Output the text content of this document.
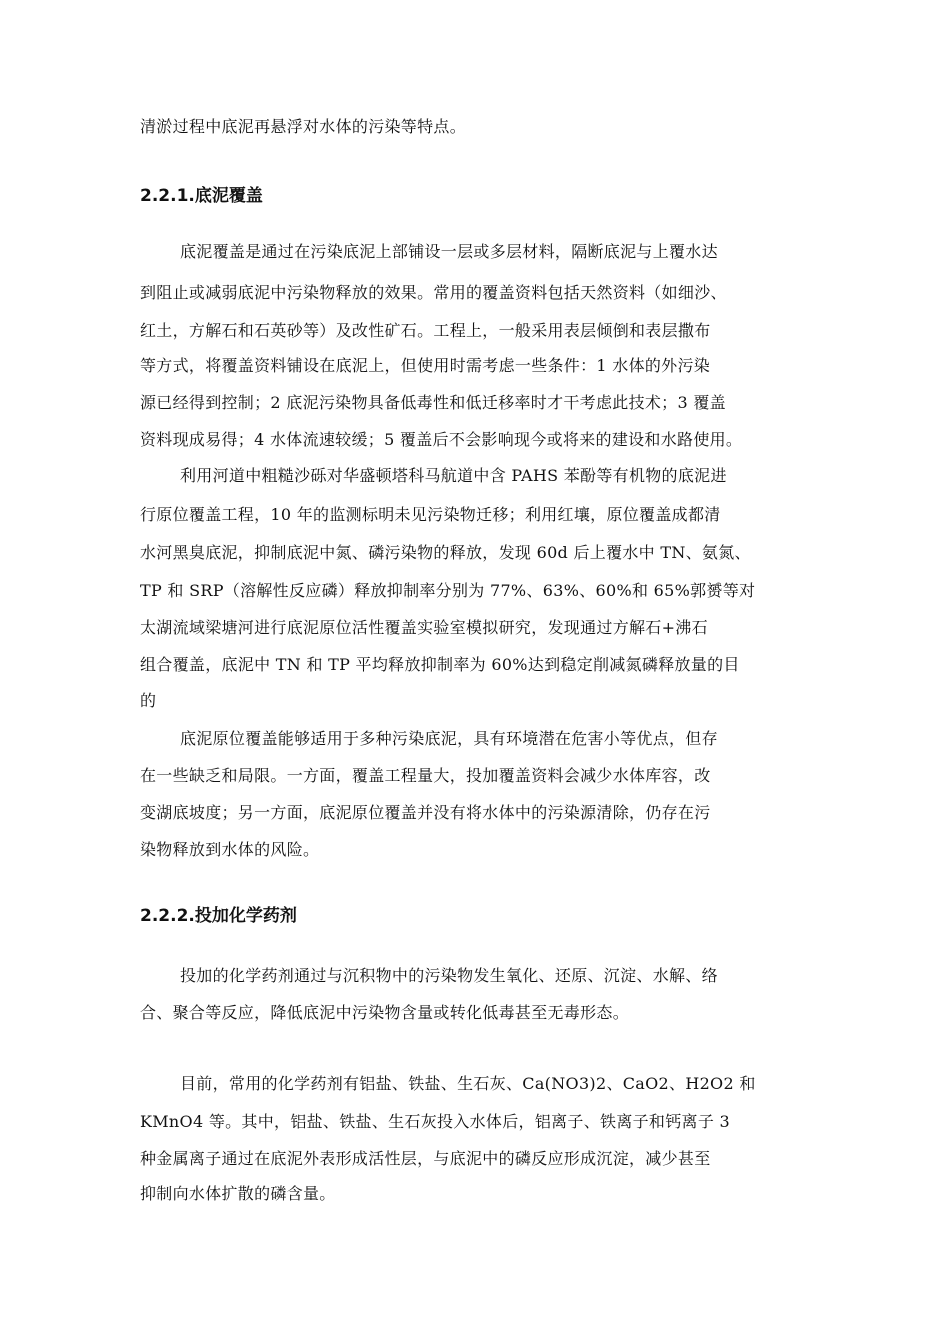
清淤过程中底泥再悬浮对水体的污染等特点。
2.2.1.底泥覆盖
底泥覆盖是通过在污染底泥上部铺设一层或多层材料，隔断底泥与上覆水达
到阻止或减弱底泥中污染物释放的效果。常用的覆盖资料包括天然资料（如细沙、
红土，方解石和石英砂等）及改性矿石。工程上，一般采用表层倾倒和表层撒布
等方式，将覆盖资料铺设在底泥上，但使用时需考虑一些条件：1 水体的外污染
源已经得到控制；2 底泥污染物具备低毒性和低迁移率时才干考虑此技术；3 覆盖
资料现成易得；4 水体流速较缓；5 覆盖后不会影响现今或将来的建设和水路使用。
利用河道中粗糙沙砾对华盛顿塔科马航道中含 PAHS 苯酚等有机物的底泥进
行原位覆盖工程，10 年的监测标明未见污染物迁移；利用红壤，原位覆盖成都清
水河黑臭底泥，抑制底泥中氮、磷污染物的释放，发现 60d 后上覆水中 TN、氨氮、
TP 和 SRP（溶解性反应磷）释放抑制率分别为 77%、63%、60%和 65%郭赟等对
太湖流域梁塘河进行底泥原位活性覆盖实验室模拟研究，发现通过方解石+沸石
组合覆盖，底泥中 TN 和 TP 平均释放抑制率为 60%达到稳定削减氮磷释放量的目
的
底泥原位覆盖能够适用于多种污染底泥，具有环境潜在危害小等优点，但存
在一些缺乏和局限。一方面，覆盖工程量大，投加覆盖资料会减少水体库容，改
变湖底坡度；另一方面，底泥原位覆盖并没有将水体中的污染源清除，仍存在污
染物释放到水体的风险。
2.2.2.投加化学药剂
投加的化学药剂通过与沉积物中的污染物发生氧化、还原、沉淀、水解、络
合、聚合等反应，降低底泥中污染物含量或转化低毒甚至无毒形态。
目前，常用的化学药剂有铝盐、铁盐、生石灰、Ca(NO3)2、CaO2、H2O2 和
KMnO4 等。其中，铝盐、铁盐、生石灰投入水体后，铝离子、铁离子和钙离子 3
种金属离子通过在底泥外表形成活性层，与底泥中的磷反应形成沉淀，减少甚至
抑制向水体扩散的磷含量。
